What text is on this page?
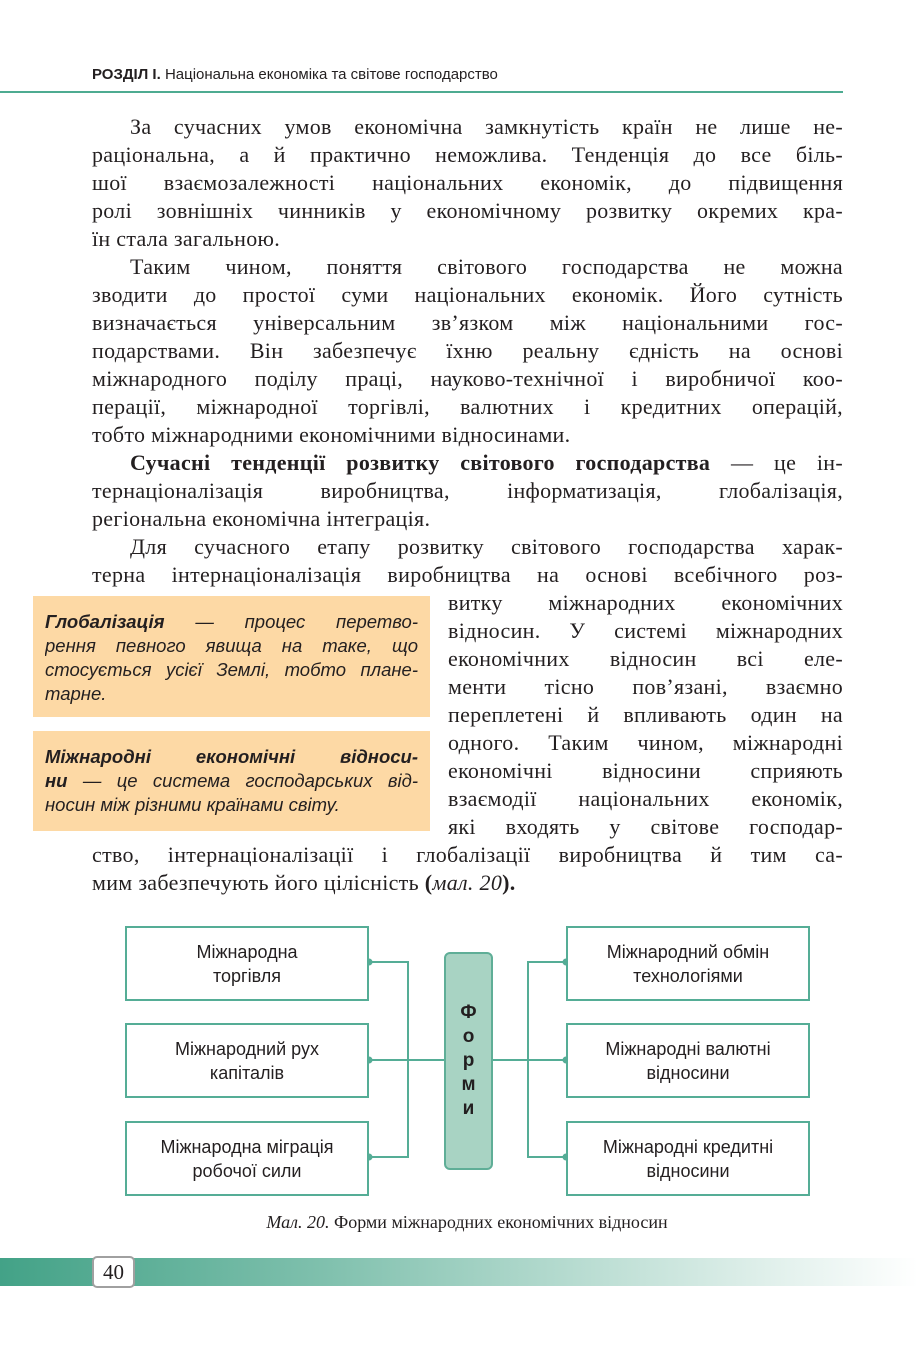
РОЗДІЛ І. Національна економіка та світове господарство
За сучасних умов економічна замкнутість країн не лише не-
раціональна, а й практично неможлива. Тенденція до все біль-
шої взаємозалежності національних економік, до підвищення
ролі зовнішніх чинників у економічному розвитку окремих кра-
їн стала загальною.
Таким чином, поняття світового господарства не можна
зводити до простої суми національних економік. Його сутність
визначається універсальним зв’язком між національними гос-
подарствами. Він забезпечує їхню реальну єдність на основі
міжнародного поділу праці, науково-технічної і виробничої коо-
перації, міжнародної торгівлі, валютних і кредитних операцій,
тобто міжнародними економічними відносинами.
Сучасні тенденції розвитку світового господарства — це ін-
тернаціоналізація виробництва, інформатизація, глобалізація,
регіональна економічна інтеграція.
Для сучасного етапу розвитку світового господарства харак-
терна інтернаціоналізація виробництва на основі всебічного роз-
витку міжнародних економічних
відносин. У системі міжнародних
економічних відносин всі еле-
менти тісно пов’язані, взаємно
переплетені й впливають один на
одного. Таким чином, міжнародні
економічні відносини сприяють
взаємодії національних економік,
які входять у світове господар-
ство, інтернаціоналізації і глобалізації виробництва й тим са-
мим забезпечують його цілісність (мал. 20).
Глобалізація — процес перетво-
рення певного явища на таке, що
стосується усієї Землі, тобто плане-
тарне.
Міжнародні економічні відноси-
ни — це система господарських від-
носин між різними країнами світу.
Міжнародна
торгівля
Міжнародний рух
капіталів
Міжнародна міграція
робочої сили
Міжнародний обмін
технологіями
Міжнародні валютні
відносини
Міжнародні кредитні
відносини
Форми
Мал. 20. Форми міжнародних економічних відносин
40
